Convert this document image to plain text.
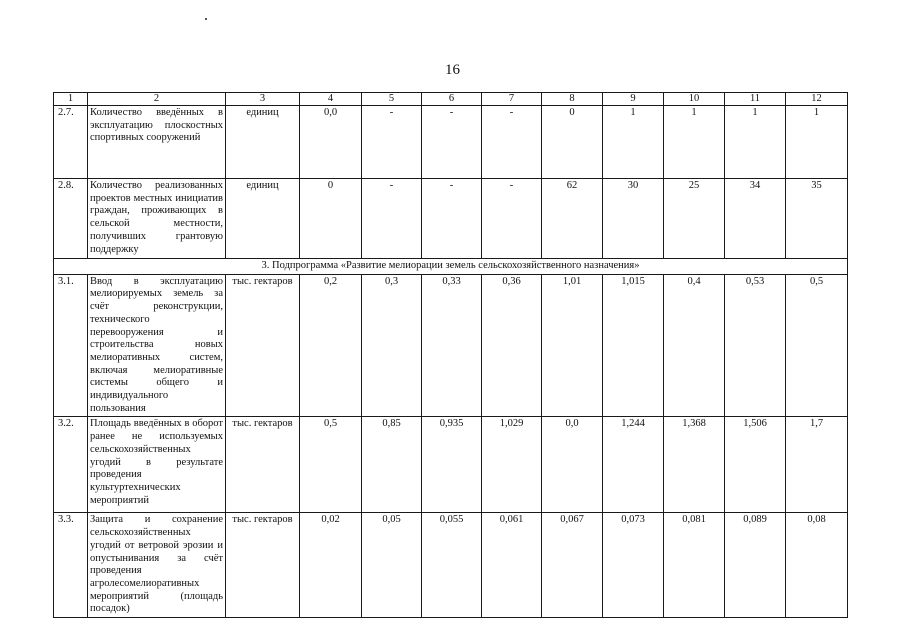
16
1	2	3	4	5	6	7	8	9	10	11	12
2.7.	Количество введённых в эксплуатацию плоскостных спортивных сооружений	единиц	0,0	-	-	-	0	1	1	1	1
2.8.	Количество реализованных проектов местных инициатив граждан, проживающих в сельской местности, получивших грантовую поддержку	единиц	0	-	-	-	62	30	25	34	35
3. Подпрограмма «Развитие мелиорации земель сельскохозяйственного назначения»											
3.1.	Ввод в эксплуатацию мелиорируемых земель за счёт реконструкции, технического перевооружения и строительства новых мелиоративных систем, включая мелиоративные системы общего и индивидуального пользования	тыс. гектаров	0,2	0,3	0,33	0,36	1,01	1,015	0,4	0,53	0,5
3.2.	Площадь введённых в оборот ранее не используемых сельскохозяйственных угодий в результате проведения культуртехнических мероприятий	тыс. гектаров	0,5	0,85	0,935	1,029	0,0	1,244	1,368	1,506	1,7
3.3.	Защита и сохранение сельскохозяйственных угодий от ветровой эрозии и опустынивания за счёт проведения агролесомелиоративных мероприятий (площадь посадок)	тыс. гектаров	0,02	0,05	0,055	0,061	0,067	0,073	0,081	0,089	0,08
